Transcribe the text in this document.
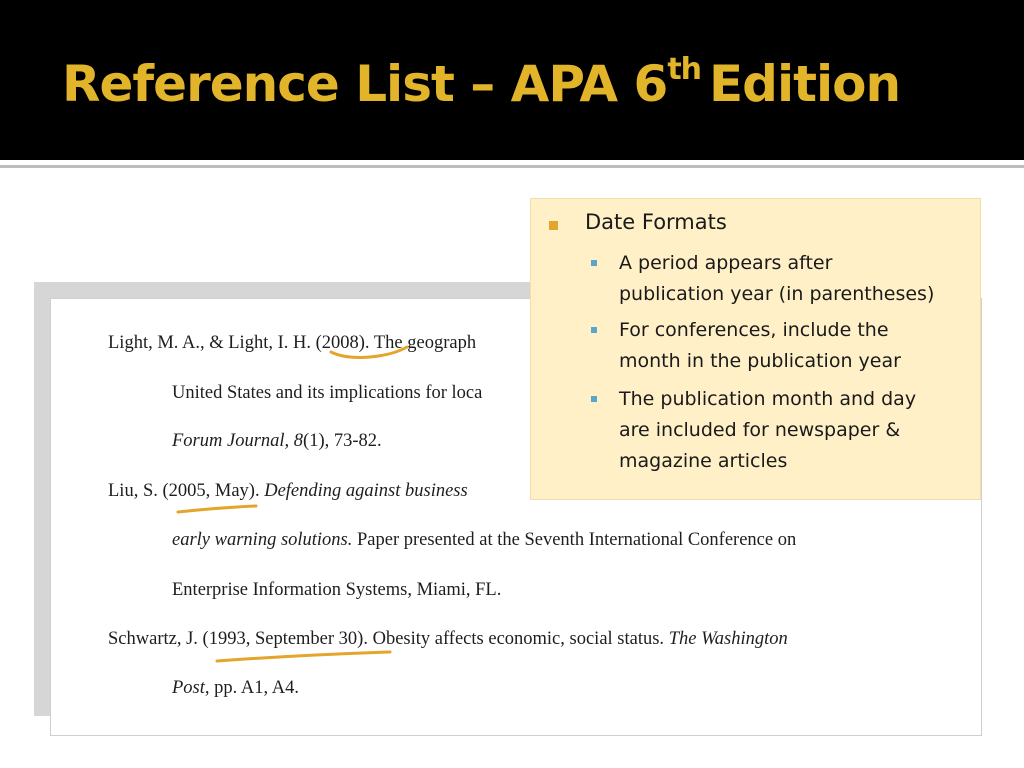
Reference List – APA 6th Edition

Light, M. A., & Light, I. H. (2008). The geograph

United States and its implications for loca

Forum Journal, 8(1), 73-82.

Liu, S. (2005, May). Defending against business

early warning solutions. Paper presented at the Seventh International Conference on

Enterprise Information Systems, Miami, FL.

Schwartz, J. (1993, September 30). Obesity affects economic, social status. The Washington

Post, pp. A1, A4.

Date Formats

A period appears after
publication year (in parentheses)

For conferences, include the
month in the publication year

The publication month and day
are included for newspaper &
magazine articles
